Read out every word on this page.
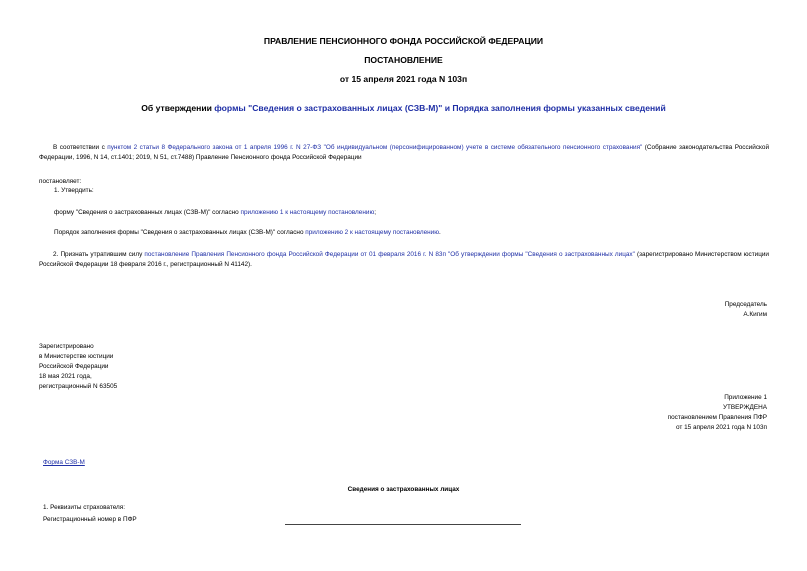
ПРАВЛЕНИЕ ПЕНСИОННОГО ФОНДА РОССИЙСКОЙ ФЕДЕРАЦИИ
ПОСТАНОВЛЕНИЕ
от 15 апреля 2021 года N 103п
Об утверждении формы "Сведения о застрахованных лицах (СЗВ-М)" и Порядка заполнения формы указанных сведений
В соответствии с пунктом 2 статьи 8 Федерального закона от 1 апреля 1996 г. N 27-ФЗ "Об индивидуальном (персонифицированном) учете в системе обязательного пенсионного страхования" (Собрание законодательства Российской Федерации, 1996, N 14, ст.1401; 2019, N 51, ст.7488) Правление Пенсионного фонда Российской Федерации
постановляет:
1. Утвердить:
форму "Сведения о застрахованных лицах (СЗВ-М)" согласно приложению 1 к настоящему постановлению;
Порядок заполнения формы "Сведения о застрахованных лицах (СЗВ-М)" согласно приложению 2 к настоящему постановлению.
2. Признать утратившим силу постановление Правления Пенсионного фонда Российской Федерации от 01 февраля 2016 г. N 83п "Об утверждении формы "Сведения о застрахованных лицах" (зарегистрировано Министерством юстиции Российской Федерации 18 февраля 2016 г., регистрационный N 41142).
Председатель
А.Кигим
Зарегистрировано
в Министерстве юстиции
Российской Федерации
18 мая 2021 года,
регистрационный N 63505
Приложение 1
УТВЕРЖДЕНА
постановлением Правления ПФР
от 15 апреля 2021 года N 103п
Форма СЗВ-М
Сведения о застрахованных лицах
1. Реквизиты страхователя:
Регистрационный номер в ПФР
